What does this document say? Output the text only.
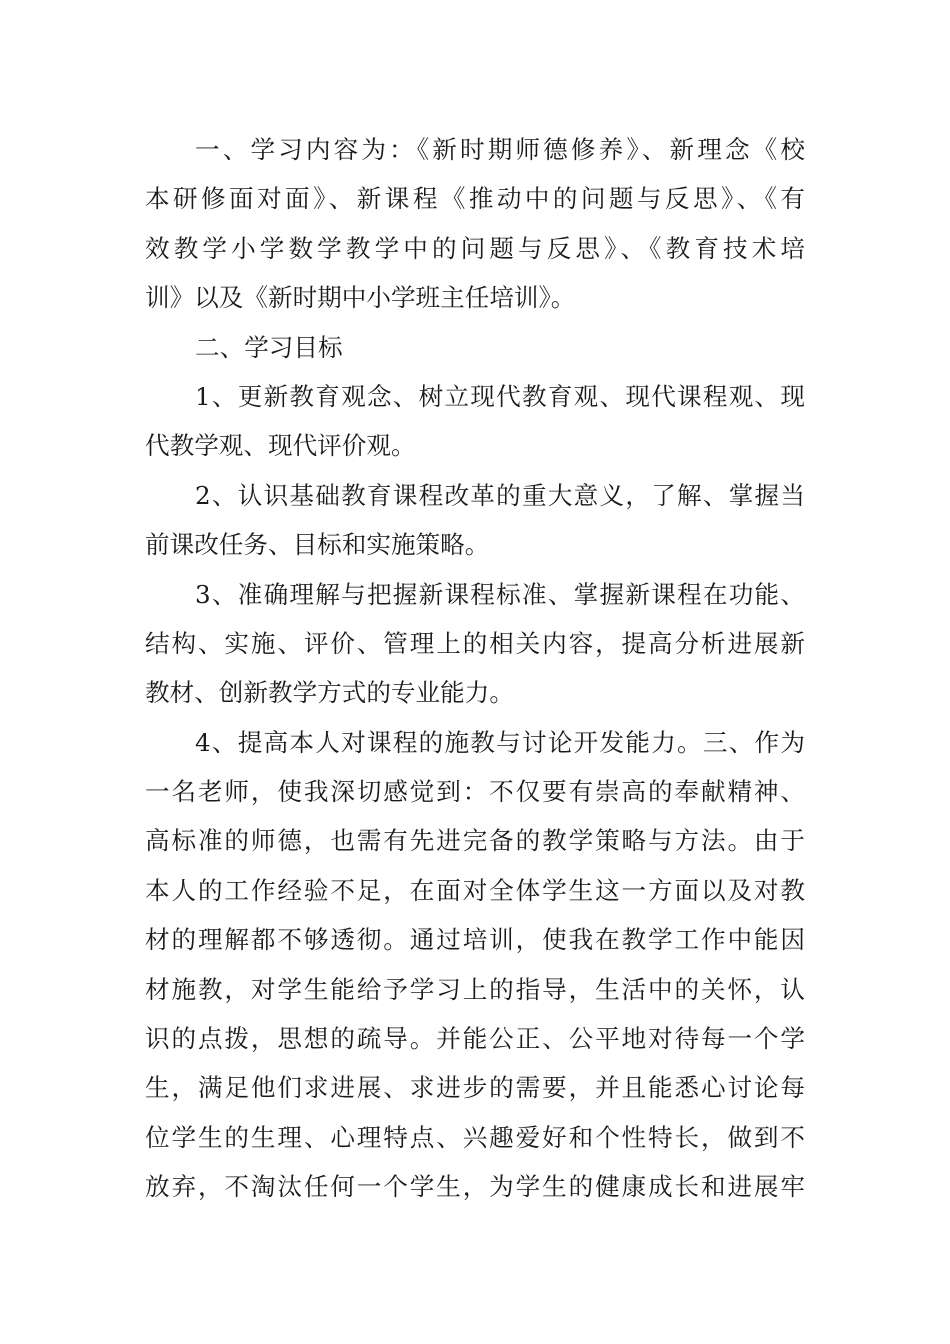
一、学习内容为：《新时期师德修养》、新理念《校
本研修面对面》、新课程《推动中的问题与反思》、《有
效教学小学数学教学中的问题与反思》、《教育技术培
训》以及《新时期中小学班主任培训》。
二、学习目标
1、更新教育观念、树立现代教育观、现代课程观、现
代教学观、现代评价观。
2、认识基础教育课程改革的重大意义，了解、掌握当
前课改任务、目标和实施策略。
3、准确理解与把握新课程标准、掌握新课程在功能、
结构、实施、评价、管理上的相关内容，提高分析进展新
教材、创新教学方式的专业能力。
4、提高本人对课程的施教与讨论开发能力。三、作为
一名老师，使我深切感觉到：不仅要有崇高的奉献精神、
高标准的师德，也需有先进完备的教学策略与方法。由于
本人的工作经验不足，在面对全体学生这一方面以及对教
材的理解都不够透彻。通过培训，使我在教学工作中能因
材施教，对学生能给予学习上的指导，生活中的关怀，认
识的点拨，思想的疏导。并能公正、公平地对待每一个学
生，满足他们求进展、求进步的需要，并且能悉心讨论每
位学生的生理、心理特点、兴趣爱好和个性特长，做到不
放弃，不淘汰任何一个学生，为学生的健康成长和进展牢
